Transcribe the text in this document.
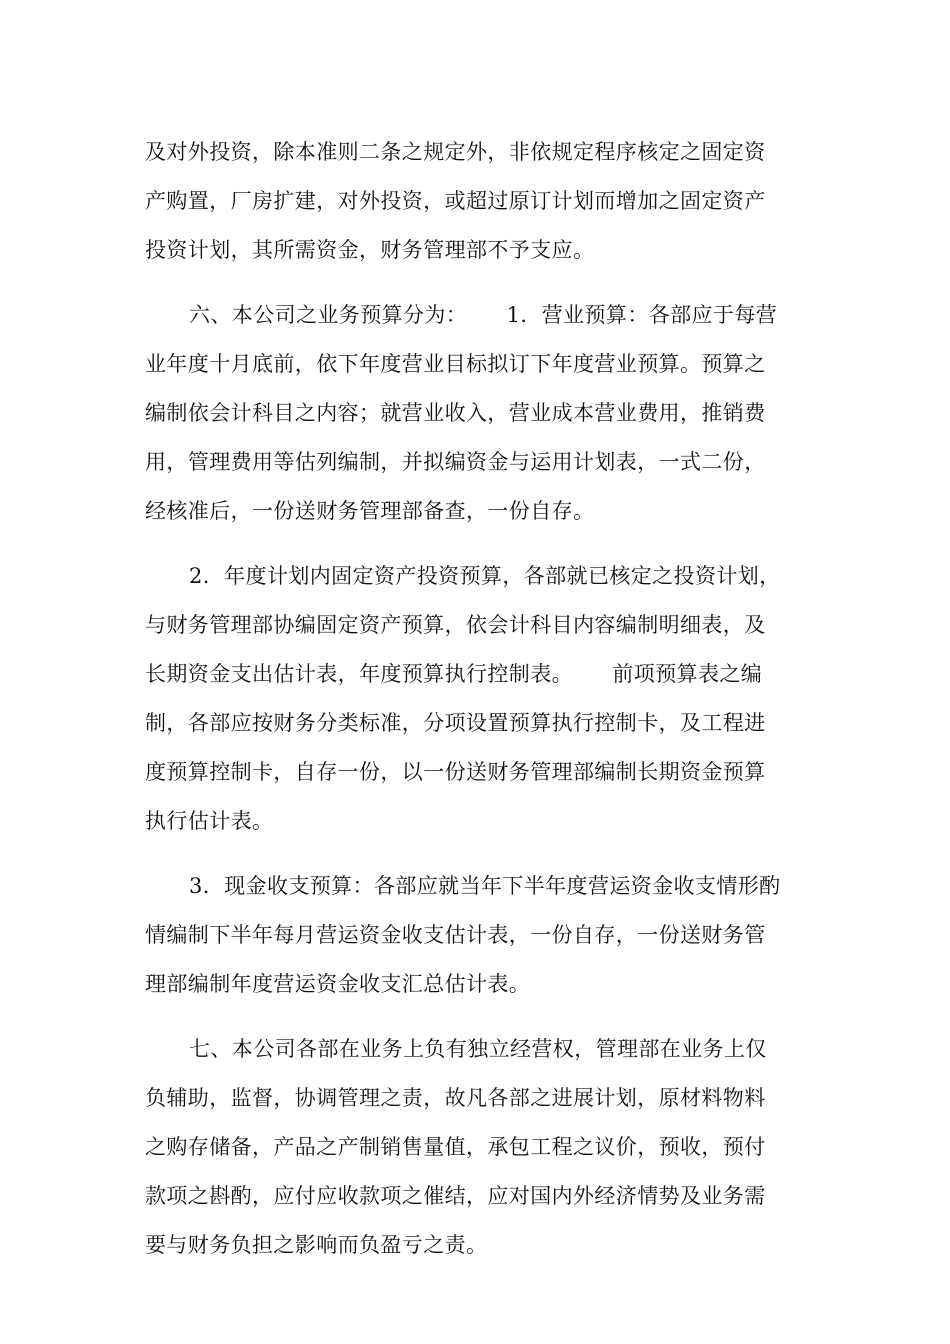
及对外投资，除本准则二条之规定外，非依规定程序核定之固定资
产购置，厂房扩建，对外投资，或超过原订计划而增加之固定资产
投资计划，其所需资金，财务管理部不予支应。
六、本公司之业务预算分为：　　 1．营业预算：各部应于每营
业年度十月底前，依下年度营业目标拟订下年度营业预算。预算之
编制依会计科目之内容；就营业收入，营业成本营业费用，推销费
用，管理费用等估列编制，并拟编资金与运用计划表，一式二份，
经核准后，一份送财务管理部备查，一份自存。
2．年度计划内固定资产投资预算，各部就已核定之投资计划，
与财务管理部协编固定资产预算，依会计科目内容编制明细表，及
长期资金支出估计表，年度预算执行控制表。　　 前项预算表之编
制，各部应按财务分类标准，分项设置预算执行控制卡，及工程进
度预算控制卡，自存一份，以一份送财务管理部编制长期资金预算
执行估计表。
3．现金收支预算：各部应就当年下半年度营运资金收支情形酌
情编制下半年每月营运资金收支估计表，一份自存，一份送财务管
理部编制年度营运资金收支汇总估计表。
七、本公司各部在业务上负有独立经营权，管理部在业务上仅
负辅助，监督，协调管理之责，故凡各部之进展计划，原材料物料
之购存储备，产品之产制销售量值，承包工程之议价，预收，预付
款项之斟酌，应付应收款项之催结，应对国内外经济情势及业务需
要与财务负担之影响而负盈亏之责。
